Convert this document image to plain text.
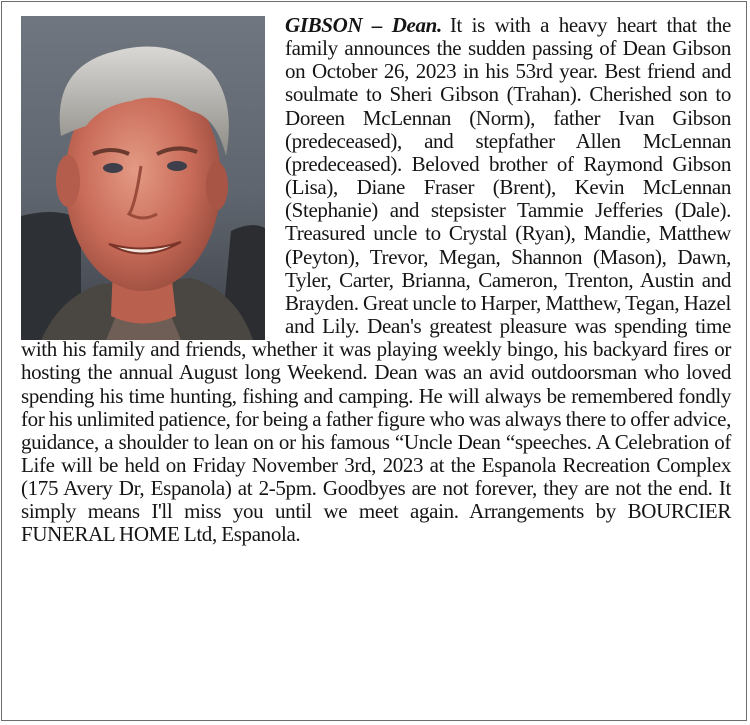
GIBSON – Dean. It is with a heavy heart that the family announces the sudden passing of Dean Gibson on October 26, 2023 in his 53rd year. Best friend and soulmate to Sheri Gibson (Trahan). Cherished son to Doreen McLennan (Norm), father Ivan Gibson (predeceased), and stepfather Allen McLennan (predeceased). Beloved brother of Raymond Gibson (Lisa), Diane Fraser (Brent), Kevin McLennan (Stephanie) and stepsister Tammie Jefferies (Dale). Treasured uncle to Crystal (Ryan), Mandie, Matthew (Peyton), Trevor, Megan, Shannon (Mason), Dawn, Tyler, Carter, Brianna, Cameron, Trenton, Austin and Brayden. Great uncle to Harper, Matthew, Tegan, Hazel and Lily. Dean's greatest pleasure was spending time with his family and friends, whether it was playing weekly bingo, his backyard fires or hosting the annual August long Weekend. Dean was an avid outdoorsman who loved spending his time hunting, fishing and camping. He will always be remembered fondly for his unlimited patience, for being a father figure who was always there to offer advice, guidance, a shoulder to lean on or his famous “Uncle Dean “speeches. A Celebration of Life will be held on Friday November 3rd, 2023 at the Espanola Recreation Complex (175 Avery Dr, Espanola) at 2-5pm. Goodbyes are not forever, they are not the end. It simply means I'll miss you until we meet again. Arrangements by BOURCIER FUNERAL HOME Ltd, Espanola.
